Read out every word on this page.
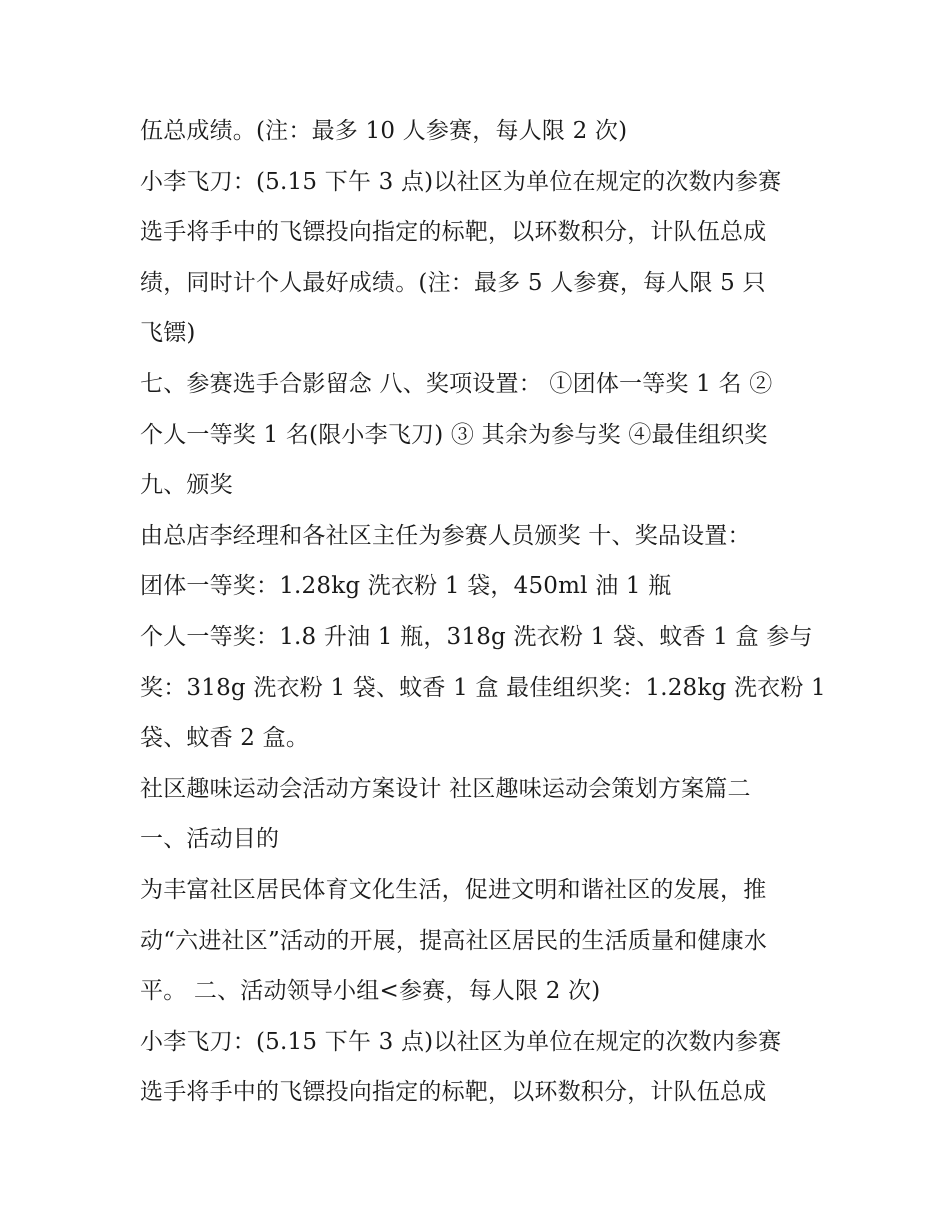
伍总成绩。(注：最多 10 人参赛，每人限 2 次)
小李飞刀：(5.15 下午 3 点)以社区为单位在规定的次数内参赛
选手将手中的飞镖投向指定的标靶，以环数积分，计队伍总成
绩，同时计个人最好成绩。(注：最多 5 人参赛，每人限 5 只
飞镖)
七、参赛选手合影留念 八、奖项设置： ①团体一等奖 1 名 ②
个人一等奖 1 名(限小李飞刀) ③ 其余为参与奖 ④最佳组织奖
九、颁奖
由总店李经理和各社区主任为参赛人员颁奖 十、奖品设置：
团体一等奖：1.28kg 洗衣粉 1 袋，450ml 油 1 瓶
个人一等奖：1.8 升油 1 瓶，318g 洗衣粉 1 袋、蚊香 1 盒 参与
奖：318g 洗衣粉 1 袋、蚊香 1 盒 最佳组织奖：1.28kg 洗衣粉 1
袋、蚊香 2 盒。
社区趣味运动会活动方案设计 社区趣味运动会策划方案篇二
一、活动目的
为丰富社区居民体育文化生活，促进文明和谐社区的发展，推
动“六进社区”活动的开展，提高社区居民的生活质量和健康水
平。 二、活动领导小组<参赛，每人限 2 次)
小李飞刀：(5.15 下午 3 点)以社区为单位在规定的次数内参赛
选手将手中的飞镖投向指定的标靶，以环数积分，计队伍总成
